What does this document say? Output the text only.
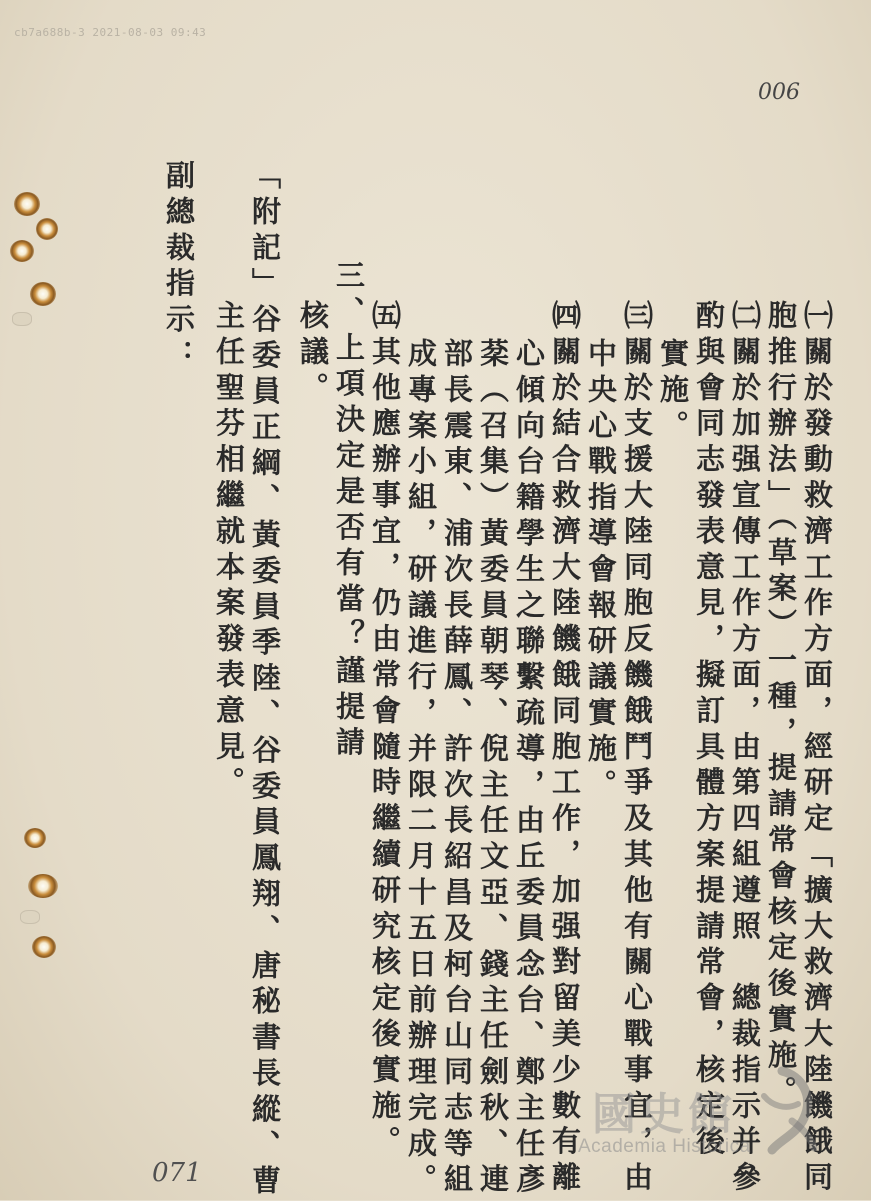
cb7a688b-3 2021-08-03 09:43
006
㈠關於發動救濟工作方面，經研定「擴大救濟大陸饑餓同
胞推行辦法」（草案）一種，提請常會核定後實施。
㈡關於加强宣傳工作方面，由第四組遵照　總裁指示并參
酌與會同志發表意見，擬訂具體方案提請常會，核定後
實施。
㈢關於支援大陸同胞反饑餓鬥爭及其他有關心戰事宜，由
中央心戰指導會報研議實施。
㈣關於結合救濟大陸饑餓同胞工作，加强對留美少數有離
心傾向台籍學生之聯繫疏導，由丘委員念台、鄭主任彥
棻（召集）黃委員朝琴、倪主任文亞、錢主任劍秋、連
部長震東、浦次長薛鳳、許次長紹昌及柯台山同志等組
成專案小組，研議進行，并限二月十五日前辦理完成。
㈤其他應辦事宜，仍由常會隨時繼續研究核定後實施。
三、上項決定是否有當？謹提請
核議。
「附記」谷委員正綱、黃委員季陸、谷委員鳳翔、唐秘書長縱、曹
主任聖芬相繼就本案發表意見。
副總裁指示：
071
國史館
Academia Historica
